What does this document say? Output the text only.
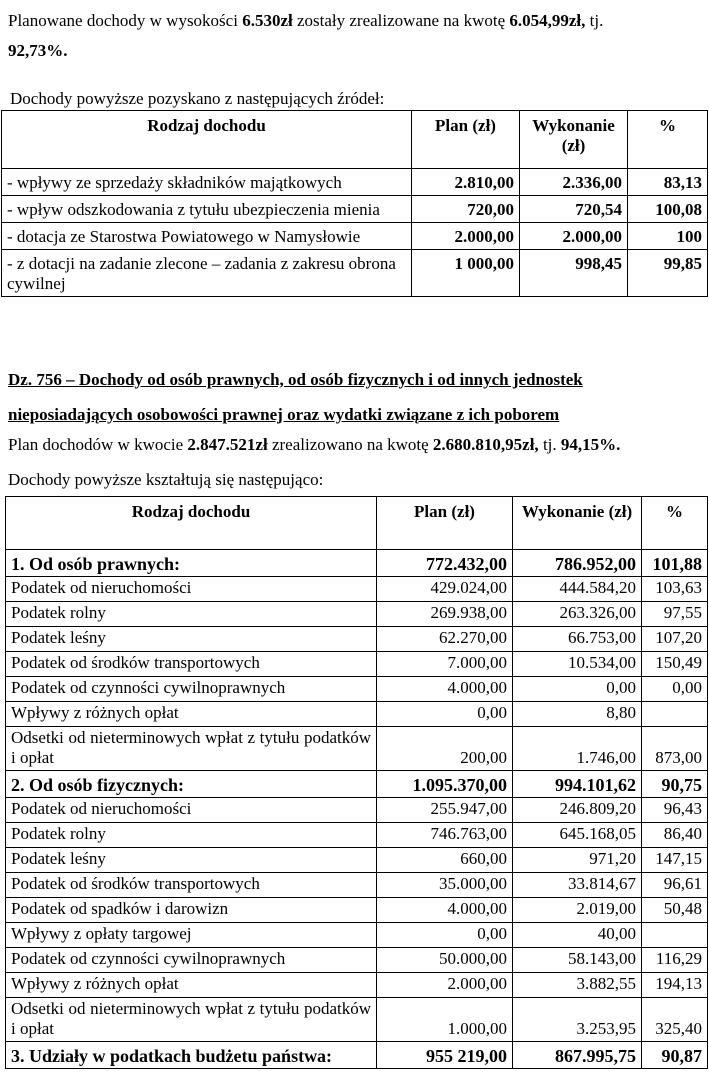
Planowane dochody w wysokości 6.530zł zostały zrealizowane na kwotę 6.054,99zł, tj.
92,73%.

Dochody powyższe pozyskano z następujących źródeł:

Rodzaj dochodu	Plan (zł)	Wykonanie (zł)	%
- wpływy ze sprzedaży składników majątkowych	2.810,00	2.336,00	83,13
- wpływ odszkodowania z tytułu ubezpieczenia mienia	720,00	720,54	100,08
- dotacja ze Starostwa Powiatowego w Namysłowie	2.000,00	2.000,00	100
- z dotacji na zadanie zlecone – zadania z zakresu obrona cywilnej	1 000,00	998,45	99,85
Dz. 756 – Dochody od osób prawnych, od osób fizycznych i od innych jednostek
nieposiadających osobowości prawnej oraz wydatki związane z ich poborem

Plan dochodów w kwocie 2.847.521zł zrealizowano na kwotę 2.680.810,95zł, tj. 94,15%.

Dochody powyższe kształtują się następująco:

Rodzaj dochodu	Plan (zł)	Wykonanie (zł)	%
1. Od osób prawnych:	772.432,00	786.952,00	101,88
Podatek od nieruchomości	429.024,00	444.584,20	103,63
Podatek rolny	269.938,00	263.326,00	97,55
Podatek leśny	62.270,00	66.753,00	107,20
Podatek od środków transportowych	7.000,00	10.534,00	150,49
Podatek od czynności cywilnoprawnych	4.000,00	0,00	0,00
Wpływy z różnych opłat	0,00	8,80	
Odsetki od nieterminowych wpłat z tytułu podatków i opłat	200,00	1.746,00	873,00
2. Od osób fizycznych:	1.095.370,00	994.101,62	90,75
Podatek od nieruchomości	255.947,00	246.809,20	96,43
Podatek rolny	746.763,00	645.168,05	86,40
Podatek leśny	660,00	971,20	147,15
Podatek od środków transportowych	35.000,00	33.814,67	96,61
Podatek od spadków i darowizn	4.000,00	2.019,00	50,48
Wpływy z opłaty targowej	0,00	40,00	
Podatek od czynności cywilnoprawnych	50.000,00	58.143,00	116,29
Wpływy z różnych opłat	2.000,00	3.882,55	194,13
Odsetki od nieterminowych wpłat z tytułu podatków i opłat	1.000,00	3.253,95	325,40
3. Udziały w podatkach budżetu państwa:	955 219,00	867.995,75	90,87
